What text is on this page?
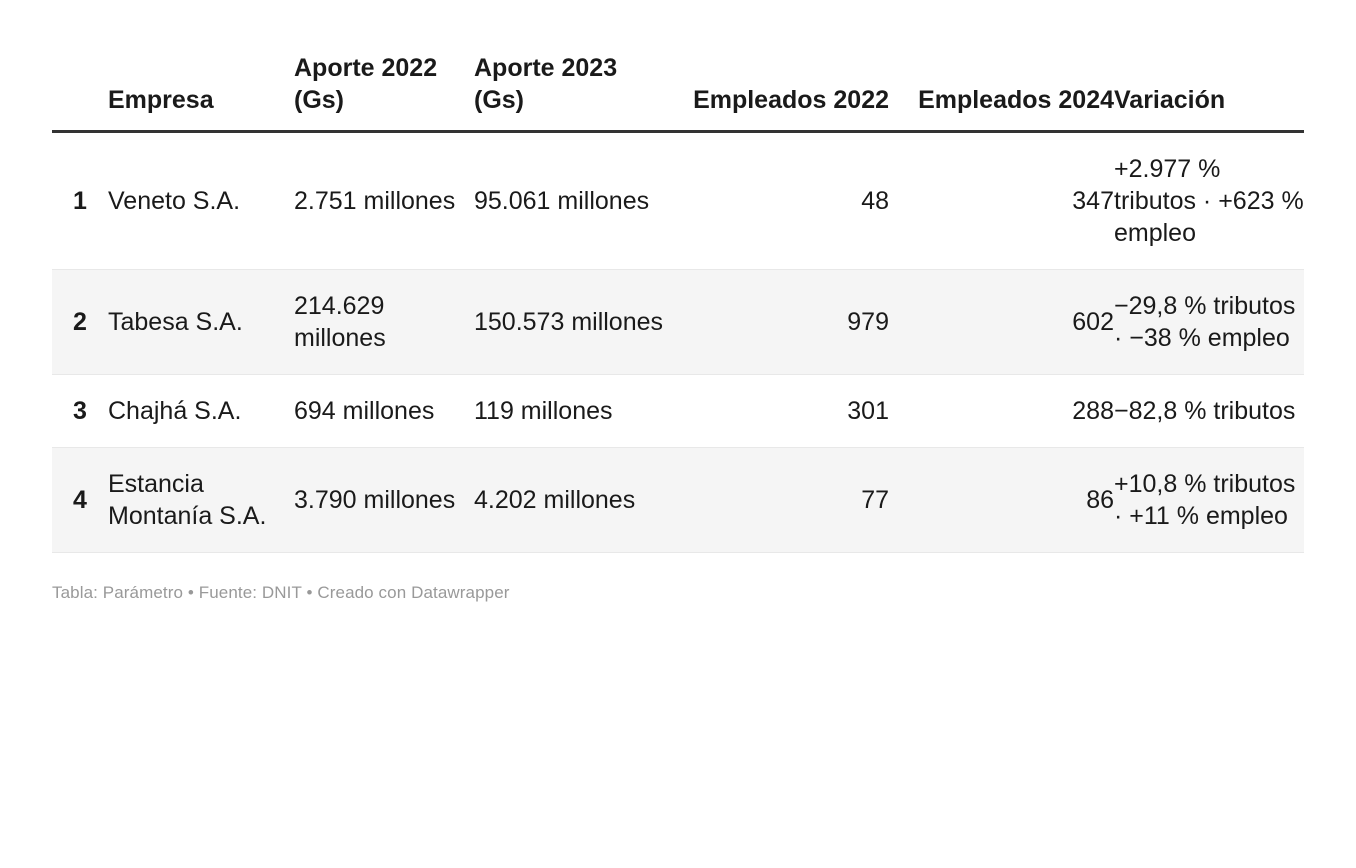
	Empresa	Aporte 2022 (Gs)	Aporte 2023 (Gs)	Empleados 2022	Empleados 2024	Variación
1	Veneto S.A.	2.751 millones	95.061 millones	48	347	+2.977 % tributos · +623 % empleo
2	Tabesa S.A.	214.629 millones	150.573 millones	979	602	−29,8 % tributos · −38 % empleo
3	Chajhá S.A.	694 millones	119 millones	301	288	−82,8 % tributos
4	Estancia Montanía S.A.	3.790 millones	4.202 millones	77	86	+10,8 % tributos · +11 % empleo
Tabla: Parámetro • Fuente: DNIT • Creado con Datawrapper
